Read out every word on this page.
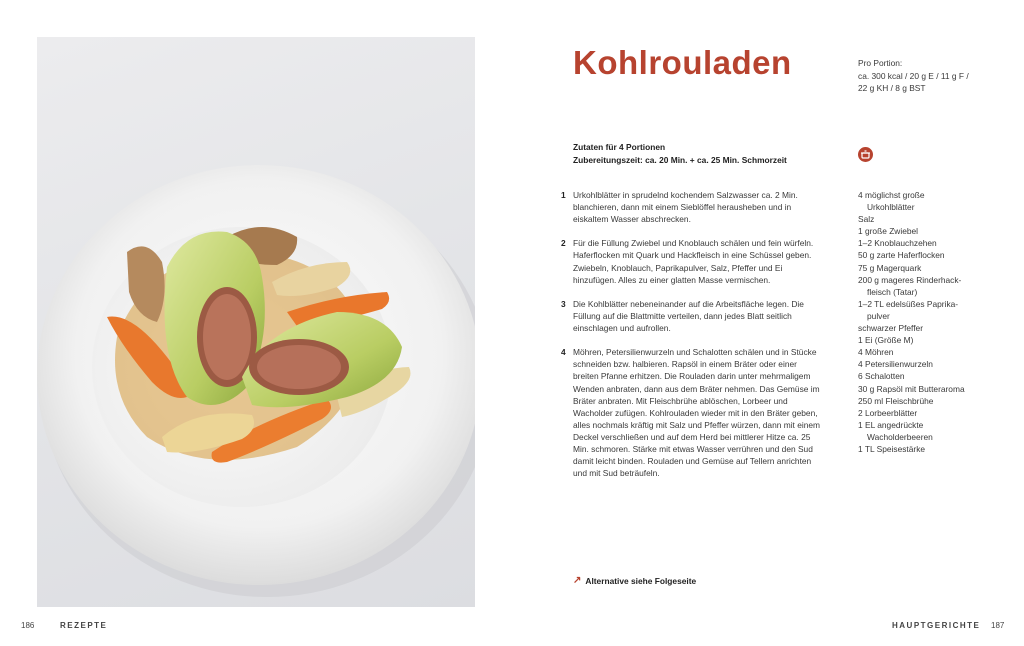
Kohlrouladen	Pro Portion:
ca. 300 kcal / 20 g E / 11 g F /
22 g KH / 8 g BST
Zutaten für 4 Portionen
Zubereitungszeit: ca. 20 Min. + ca. 25 Min. Schmorzeit
1 Urkohlblätter in sprudelnd kochendem Salzwasser ca. 2 Min. blanchieren, dann mit einem Sieblöffel herausheben und in eiskaltem Wasser abschrecken.
2 Für die Füllung Zwiebel und Knoblauch schälen und fein würfeln. Haferflocken mit Quark und Hackfleisch in eine Schüssel geben. Zwiebeln, Knoblauch, Paprikapulver, Salz, Pfeffer und Ei hinzufügen. Alles zu einer glatten Masse vermischen.
3 Die Kohlblätter nebeneinander auf die Arbeitsfläche legen. Die Füllung auf die Blattmitte verteilen, dann jedes Blatt seitlich einschlagen und aufrollen.
4 Möhren, Petersilienwurzeln und Schalotten schälen und in Stücke schneiden bzw. halbieren. Rapsöl in einem Bräter oder einer breiten Pfanne erhitzen. Die Rouladen darin unter mehrmaligem Wenden anbraten, dann aus dem Bräter nehmen. Das Gemüse im Bräter anbraten. Mit Fleischbrühe ablöschen, Lorbeer und Wacholder zufügen. Kohlrouladen wieder mit in den Bräter geben, alles nochmals kräftig mit Salz und Pfeffer würzen, dann mit einem Deckel verschließen und auf dem Herd bei mittlerer Hitze ca. 25 Min. schmoren. Stärke mit etwas Wasser verrühren und den Sud damit leicht binden. Rouladen und Gemüse auf Tellern anrichten und mit Sud beträufeln.
4 möglichst große
Urkohlblätter
Salz
1 große Zwiebel
1–2 Knoblauchzehen
50 g zarte Haferflocken
75 g Magerquark
200 g mageres Rinderhack-
fleisch (Tatar)
1–2 TL edelsüßes Paprika-
pulver
schwarzer Pfeffer
1 Ei (Größe M)
4 Möhren
4 Petersilienwurzeln
6 Schalotten
30 g Rapsöl mit Butteraroma
250 ml Fleischbrühe
2 Lorbeerblätter
1 EL angedrückte
Wacholderbeeren
1 TL Speisestärke
↗ Alternative siehe Folgeseite
186	REZEPTE	HAUPTGERICHTE 187
